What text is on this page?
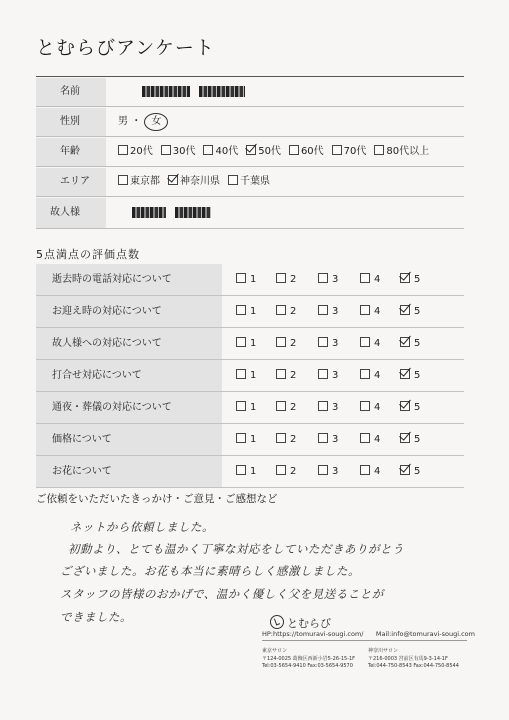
とむらびアンケート
名前

性別	男 ・ 女
年齢	20代 30代 40代 50代 60代 70代 80代以上
エリア	東京都 神奈川県 千葉県
故人様

5点満点の評価点数
逝去時の電話対応について	1	2	3	4	5
お迎え時の対応について	1	2	3	4	5
故人様への対応について	1	2	3	4	5
打合せ対応について	1	2	3	4	5
通夜・葬儀の対応について	1	2	3	4	5
価格について	1	2	3	4	5
お花について	1	2	3	4	5
ご依頼をいただいたきっかけ・ご意見・ご感想など
ネットから依頼しました。
初動より、とても温かく丁寧な対応をしていただきありがとう
ございました。お花も本当に素晴らしく感激しました。
スタッフの皆様のおかげで、温かく優しく父を見送ることが
できました。	とむらび
HP:https://tomuravi-sougi.com/ Mail:info@tomuravi-sougi.com
東京サロン
〒124-0025 葛飾区西新小岩5-26-15-1F
Tel:03-5654-9410 Fax:03-5654-9570
神奈川サロン
〒216-0003 宮前区有馬9-3-14-1F
Tel:044-750-8543 Fax:044-750-8544
